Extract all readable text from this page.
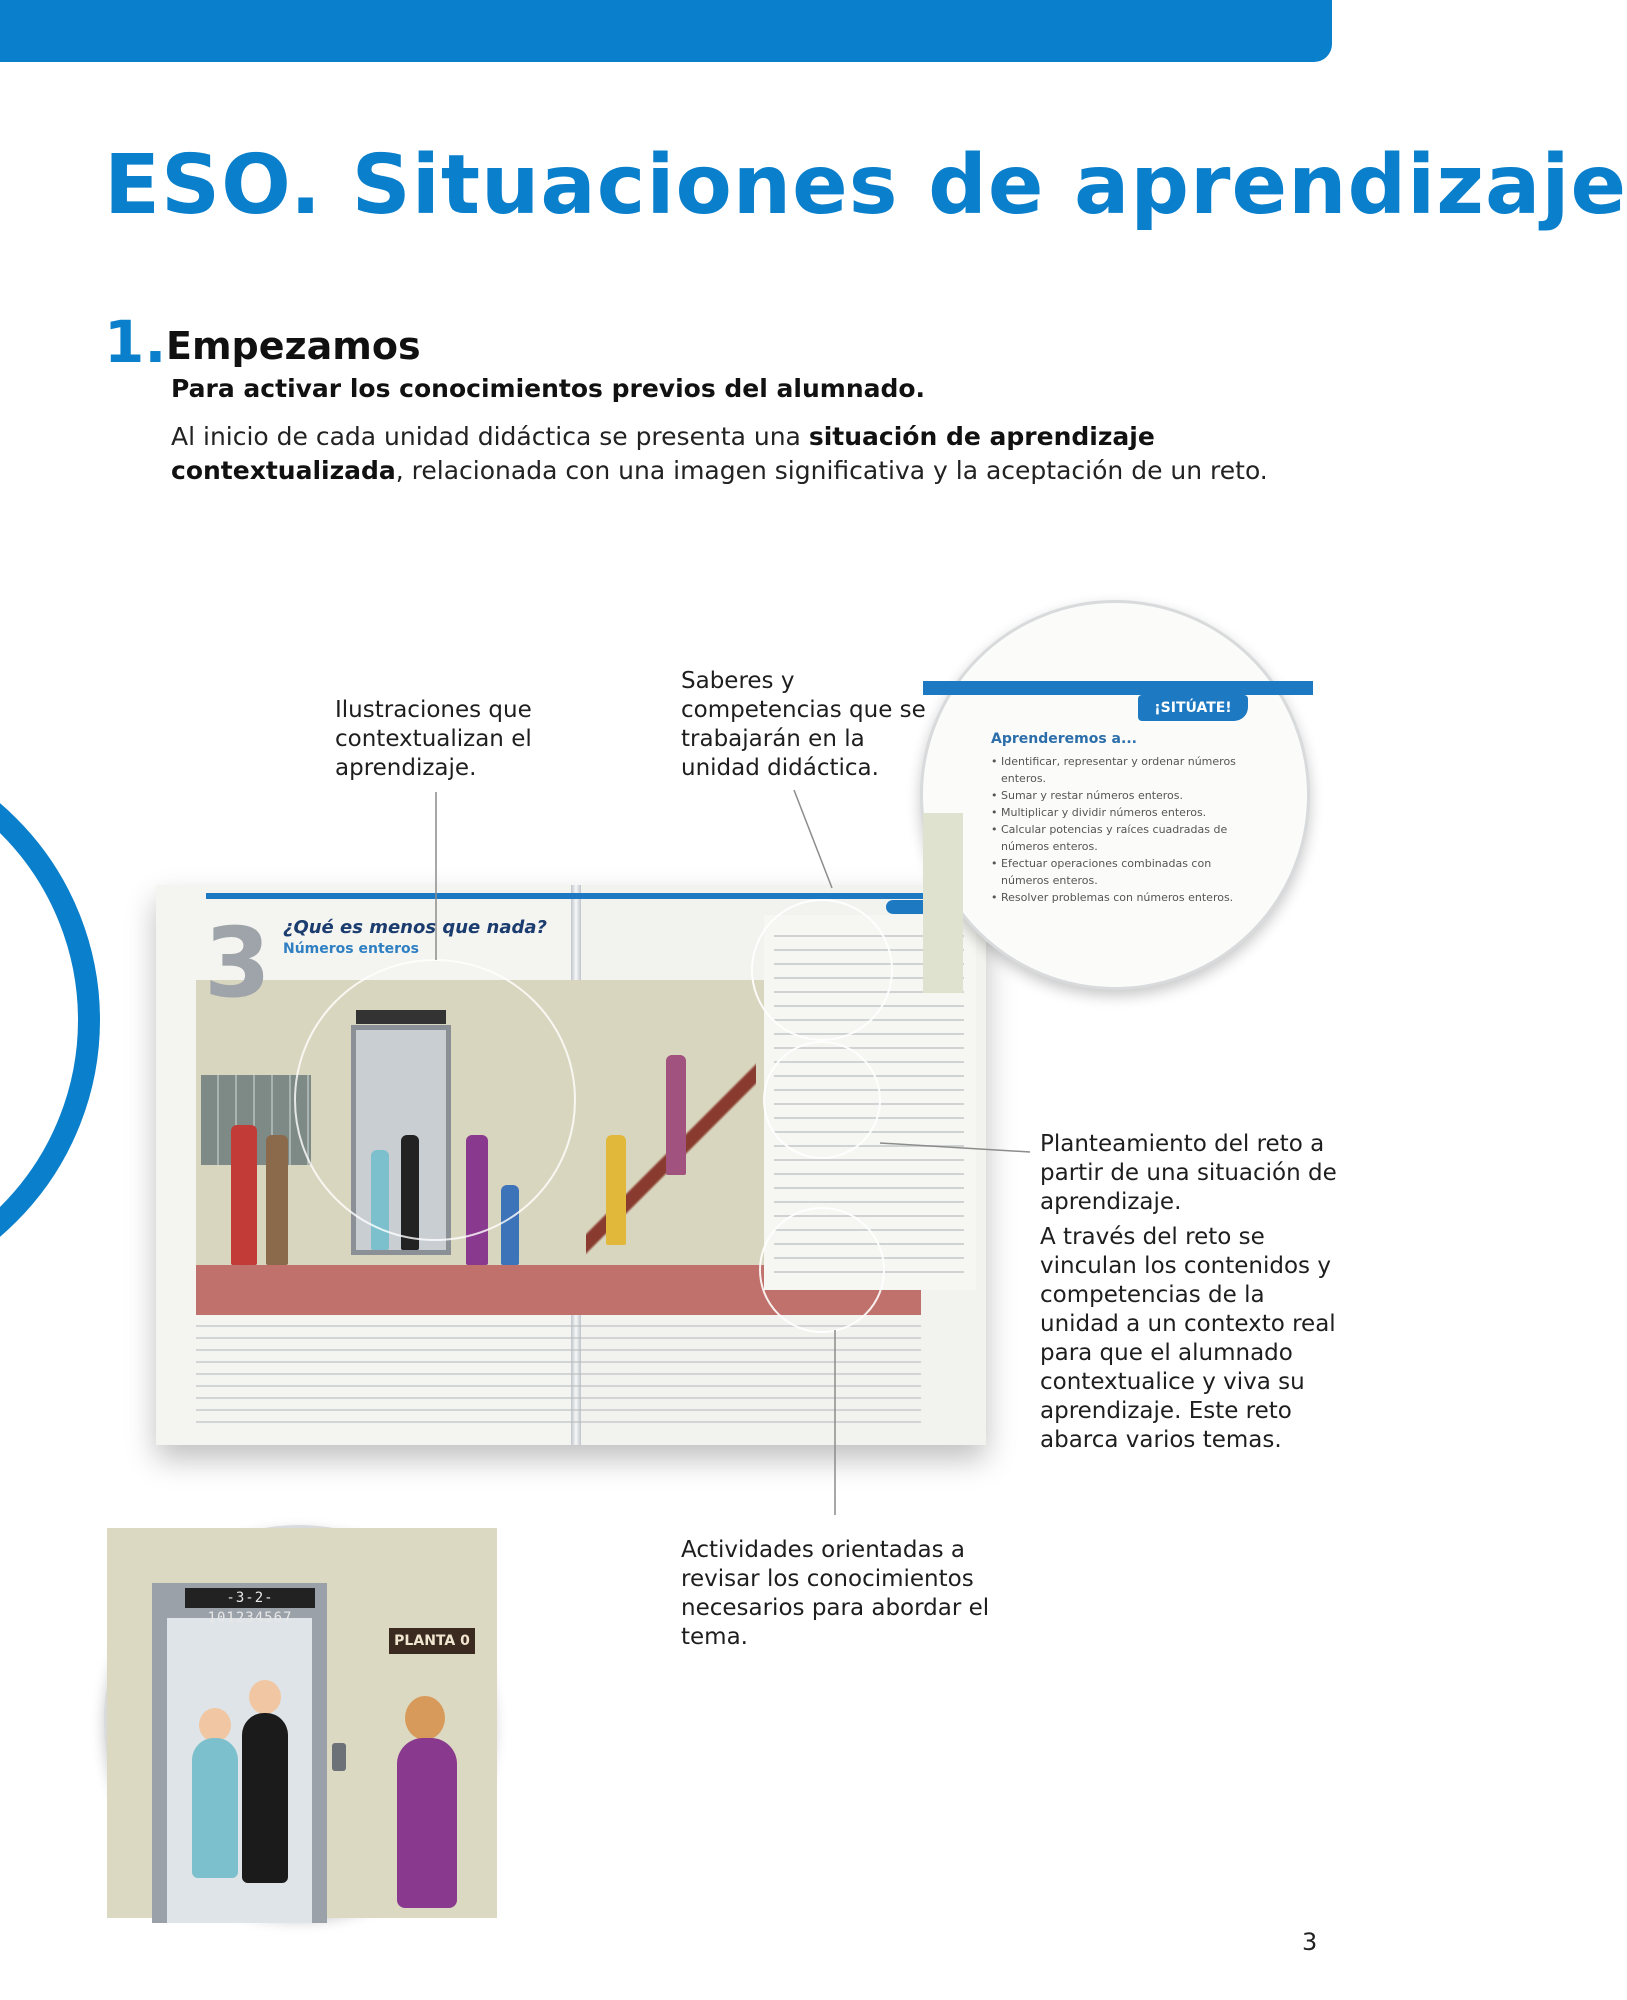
ESO. Situaciones de aprendizaje
1. Empezamos
Para activar los conocimientos previos del alumnado.

Al inicio de cada unidad didáctica se presenta una situación de aprendizaje contextualizada, relacionada con una imagen significativa y la aceptación de un reto.

3 ¿Qué es menos que nada?
Números enteros
¡SITÚATE!
Aprenderemos a...
• Identificar, representar y ordenar números enteros.
• Sumar y restar números enteros.
• Multiplicar y dividir números enteros.
• Calcular potencias y raíces cuadradas de números enteros.
• Efectuar operaciones combinadas con números enteros.
• Resolver problemas con números enteros.
-3-2-101234567
PLANTA 0
Ilustraciones que contextualizan el aprendizaje.
Saberes y competencias que se trabajarán en la unidad didáctica.

Planteamiento del reto a partir de una situación de aprendizaje.

A través del reto se vinculan los contenidos y competencias de la unidad a un contexto real para que el alumnado contextualice y viva su aprendizaje. Este reto abarca varios temas.

Actividades orientadas a revisar los conocimientos necesarios para abordar el tema.
3
